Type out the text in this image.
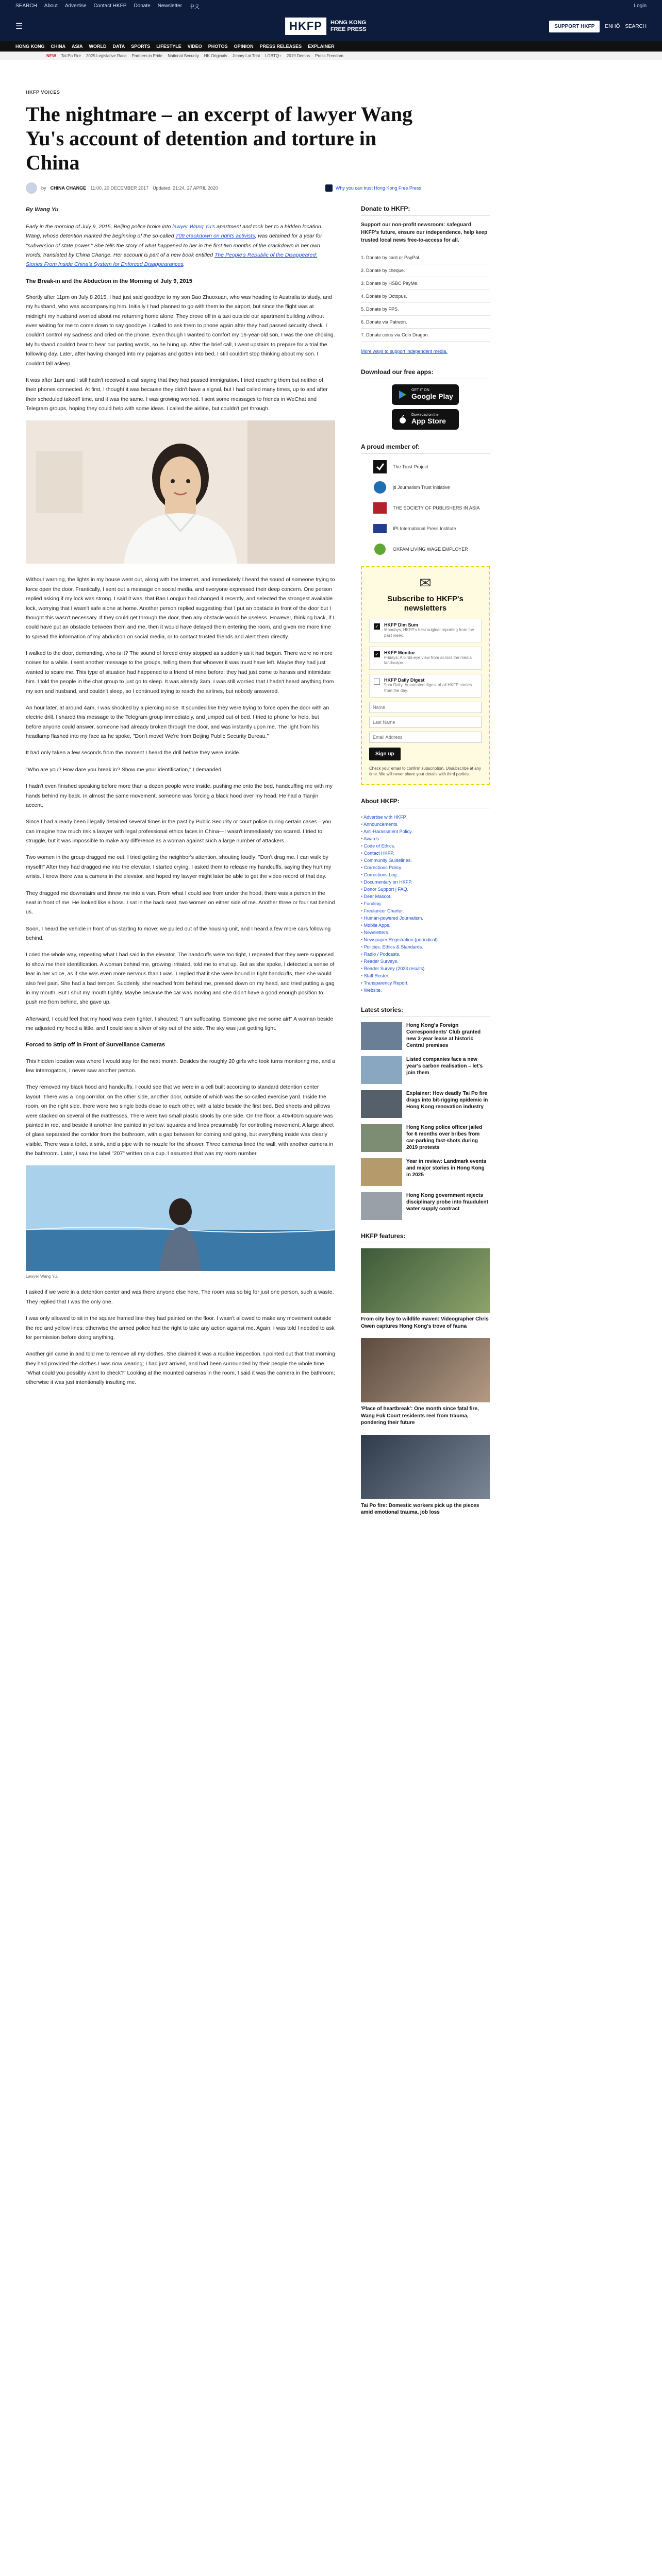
SEARCH About Advertise Contact HKFP Donate Newsletter 中文	Login
☰	HKFP	HONG KONG
FREE PRESS	SUPPORT HKFP	ENHÖ SEARCH
HONG KONG CHINA ASIA WORLD DATA SPORTS LIFESTYLE VIDEO PHOTOS OPINION PRESS RELEASES EXPLAINER
NEW Tai Po Fire 2025 Legislative Race Partners in Pride National Security HK Originals Jimmy Lai Trial LGBTQ+ 2019 Demos Press Freedom
HKFP VOICES
The nightmare – an excerpt of lawyer Wang Yu's account of detention and torture in China
by CHINA CHANGE 11:00, 20 DECEMBER 2017 Updated: 21:24, 27 APRIL 2020	Why you can trust Hong Kong Free Press

By Wang Yu

Early in the morning of July 9, 2015, Beijing police broke into lawyer Wang Yu's apartment and took her to a hidden location. Wang, whose detention marked the beginning of the so-called 709 crackdown on rights activists, was detained for a year for "subversion of state power." She tells the story of what happened to her in the first two months of the crackdown in her own words, translated by China Change. Her account is part of a new book entitled The People's Republic of the Disappeared: Stories From Inside China's System for Enforced Disappearances.

The Break-in and the Abduction in the Morning of July 9, 2015

Shortly after 11pm on July 8 2015, I had just said goodbye to my son Bao Zhuoxuan, who was heading to Australia to study, and my husband, who was accompanying him. Initially I had planned to go with them to the airport, but since the flight was at midnight my husband worried about me returning home alone. They drove off in a taxi outside our apartment building without even waiting for me to come down to say goodbye. I called to ask them to phone again after they had passed security check. I couldn't control my sadness and cried on the phone. Even though I wanted to comfort my 16-year-old son, I was the one choking. My husband couldn't bear to hear our parting words, so he hung up. After the brief call, I went upstairs to prepare for a trial the following day. Later, after having changed into my pajamas and gotten into bed, I still couldn't stop thinking about my son. I couldn't fall asleep.

It was after 1am and I still hadn't received a call saying that they had passed immigration. I tried reaching them but neither of their phones connected. At first, I thought it was because they didn't have a signal, but I had called many times, up to and after their scheduled takeoff time, and it was the same. I was growing worried. I sent some messages to friends in WeChat and Telegram groups, hoping they could help with some ideas. I called the airline, but couldn't get through.

Without warning, the lights in my house went out, along with the Internet, and immediately I heard the sound of someone trying to force open the door. Frantically, I sent out a message on social media, and everyone expressed their deep concern. One person replied asking if my lock was strong. I said it was, that Bao Longjun had changed it recently, and selected the strongest available lock, worrying that I wasn't safe alone at home. Another person replied suggesting that I put an obstacle in front of the door but I thought this wasn't necessary. If they could get through the door, then any obstacle would be useless. However, thinking back, if I could have put an obstacle between them and me, then it would have delayed them entering the room, and given me more time to spread the information of my abduction on social media, or to contact trusted friends and alert them directly.

I walked to the door, demanding, who is it? The sound of forced entry stopped as suddenly as it had begun. There were no more noises for a while. I sent another message to the groups, telling them that whoever it was must have left. Maybe they had just wanted to scare me. This type of situation had happened to a friend of mine before: they had just come to harass and intimidate him. I told the people in the chat group to just go to sleep. It was already 3am. I was still worried that I hadn't heard anything from my son and husband, and couldn't sleep, so I continued trying to reach the airlines, but nobody answered.

An hour later, at around 4am, I was shocked by a piercing noise. It sounded like they were trying to force open the door with an electric drill. I shared this message to the Telegram group immediately, and jumped out of bed. I tried to phone for help, but before anyone could answer, someone had already broken through the door, and was instantly upon me. The light from his headlamp flashed into my face as he spoke, "Don't move! We're from Beijing Public Security Bureau."

It had only taken a few seconds from the moment I heard the drill before they were inside.

"Who are you? How dare you break in? Show me your identification," I demanded.

I hadn't even finished speaking before more than a dozen people were inside, pushing me onto the bed, handcuffing me with my hands behind my back. In almost the same movement, someone was forcing a black hood over my head. He had a Tianjin accent.

Since I had already been illegally detained several times in the past by Public Security or court police during certain cases—you can imagine how much risk a lawyer with legal professional ethics faces in China—I wasn't immediately too scared. I tried to struggle, but it was impossible to make any difference as a woman against such a large number of attackers.

Two women in the group dragged me out. I tried getting the neighbor's attention, shouting loudly: "Don't drag me. I can walk by myself!" After they had dragged me into the elevator, I started crying. I asked them to release my handcuffs, saying they hurt my wrists. I knew there was a camera in the elevator, and hoped my lawyer might later be able to get the video record of that day.

They dragged me downstairs and threw me into a van. From what I could see from under the hood, there was a person in the seat in front of me. He looked like a boss. I sat in the back seat, two women on either side of me. Another three or four sat behind us.

Soon, I heard the vehicle in front of us starting to move: we pulled out of the housing unit, and I heard a few more cars following behind.

I cried the whole way, repeating what I had said in the elevator. The handcuffs were too tight, I repeated that they were supposed to show me their identification. A woman behind me, growing irritated, told me to shut up. But as she spoke, I detected a sense of fear in her voice, as if she was even more nervous than I was. I replied that it she were bound in tight handcuffs, then she would also feel pain. She had a bad temper. Suddenly, she reached from behind me, pressed down on my head, and tried putting a gag in my mouth. But I shut my mouth tightly. Maybe because the car was moving and she didn't have a good enough position to push me from behind, she gave up.

Afterward, I could feel that my hood was even tighter. I shouted: "I am suffocating. Someone give me some air!" A woman beside me adjusted my hood a little, and I could see a sliver of sky out of the side. The sky was just getting light.

Forced to Strip off in Front of Surveillance Cameras

This hidden location was where I would stay for the next month. Besides the roughly 20 girls who took turns monitoring me, and a few interrogators, I never saw another person.

They removed my black hood and handcuffs. I could see that we were in a cell built according to standard detention center layout. There was a long corridor, on the other side, another door, outside of which was the so-called exercise yard. Inside the room, on the right side, there were two single beds close to each other, with a table beside the first bed. Bed sheets and pillows were stacked on several of the mattresses. There were two small plastic stools by one side. On the floor, a 40x40cm square was painted in red, and beside it another line painted in yellow: squares and lines presumably for controlling movement. A large sheet of glass separated the corridor from the bathroom, with a gap between for coming and going, but everything inside was clearly visible. There was a toilet, a sink, and a pipe with no nozzle for the shower. Three cameras lined the wall, with another camera in the bathroom. Later, I saw the label "207" written on a cup. I assumed that was my room number.

Lawyer Wang Yu.

I asked if we were in a detention center and was there anyone else here. The room was so big for just one person, such a waste. They replied that I was the only one.

I was only allowed to sit in the square framed line they had painted on the floor. I wasn't allowed to make any movement outside the red and yellow lines: otherwise the armed police had the right to take any action against me. Again, I was told I needed to ask for permission before doing anything.

Another girl came in and told me to remove all my clothes. She claimed it was a routine inspection. I pointed out that that morning they had provided the clothes I was now wearing; I had just arrived, and had been surrounded by their people the whole time. "What could you possibly want to check?" Looking at the mounted cameras in the room, I said it was the camera in the bathroom; otherwise it was just intentionally insulting me.

Donate to HKFP:
Support our non-profit newsroom: safeguard HKFP's future, ensure our independence, help keep trusted local news free-to-access for all.
1. Donate by card or PayPal.
2. Donate by cheque.
3. Donate by HSBC PayMe.
4. Donate by Octopus.
5. Donate by FPS.
6. Donate via Patreon.
7. Donate coins via Coin Dragon.
More ways to support independent media.
Download our free apps:
GET IT ON
Google Play
Download on the
App Store
A proud member of:
The Trust Project
jti Journalism Trust Initiative
THE SOCIETY OF PUBLISHERS IN ASIA
IPI International Press Institute
OXFAM LIVING WAGE EMPLOYER
✉
Subscribe to HKFP's newsletters
✓ HKFP Dim Sum
Mondays, HKFP's best original reporting from the past week.
✓ HKFP Monitor
Fridays: A birds-eye view from across the media landscape.
HKFP Daily Digest
9pm Daily: Automated digest of all HKFP stories from the day.
Name Last Name Email Address Sign up
Check your email to confirm subscription. Unsubscribe at any time. We will never share your details with third parties.
About HKFP:
• Advertise with HKFP.
• Announcements.
• Anti-Harassment Policy.
• Awards.
• Code of Ethics.
• Contact HKFP.
• Community Guidelines.
• Corrections Policy.
• Corrections Log.
• Documentary on HKFP.
• Donor Support | FAQ.
• Deer Mascot.
• Funding.
• Freelancer Charter.
• Human-powered Journalism.
• Mobile Apps.
• Newsletters.
• Newspaper Registration (periodical).
• Policies, Ethics & Standards.
• Radio / Podcasts.
• Reader Surveys.
• Reader Survey (2023 results).
• Staff Roster.
• Transparency Report.
• Website.
Latest stories:
Hong Kong's Foreign Correspondents' Club granted new 3-year lease at historic Central premises
Listed companies face a new year's carbon realisation – let's join them
Explainer: How deadly Tai Po fire drags into bit-rigging epidemic in Hong Kong renovation industry
Hong Kong police officer jailed for 6 months over bribes from car-parking fast-shots during 2019 protests
Year in review: Landmark events and major stories in Hong Kong in 2025
Hong Kong government rejects disciplinary probe into fraudulent water supply contract
HKFP features:
From city boy to wildlife maven: Videographer Chris Owen captures Hong Kong's trove of fauna
'Place of heartbreak': One month since fatal fire, Wang Fuk Court residents reel from trauma, pondering their future
Tai Po fire: Domestic workers pick up the pieces amid emotional trauma, job loss
